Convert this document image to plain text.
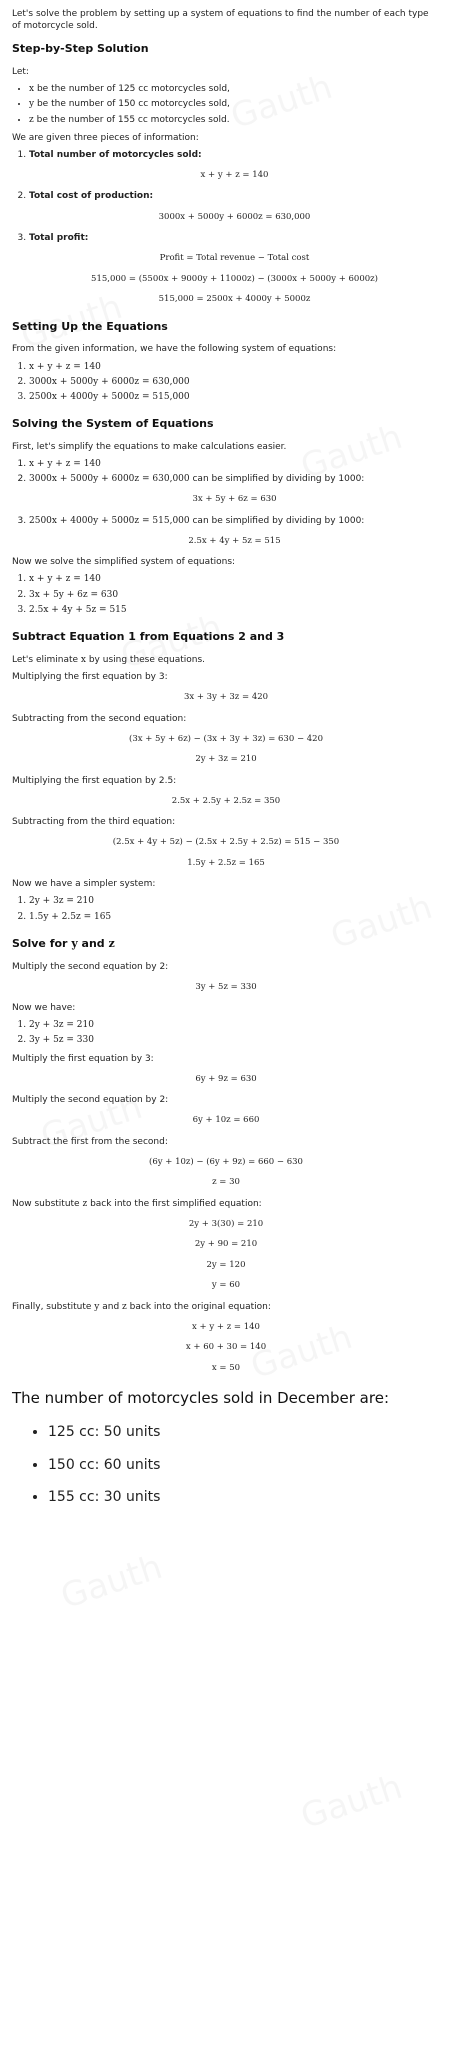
Let's solve the problem by setting up a system of equations to find the number of each type of motorcycle sold.

Step-by-Step Solution

Let:

• x be the number of 125 cc motorcycles sold,
• y be the number of 150 cc motorcycles sold,
• z be the number of 155 cc motorcycles sold.

We are given three pieces of information:

1. Total number of motorcycles sold:
x + y + z = 140
2. Total cost of production:
3000x + 5000y + 6000z = 630,000
3. Total profit:
Profit = Total revenue − Total cost
515,000 = (5500x + 9000y + 11000z) − (3000x + 5000y + 6000z)
515,000 = 2500x + 4000y + 5000z
Setting Up the Equations

From the given information, we have the following system of equations:

1. x + y + z = 140
2. 3000x + 5000y + 6000z = 630,000
3. 2500x + 4000y + 5000z = 515,000
Solving the System of Equations

First, let's simplify the equations to make calculations easier.

1. x + y + z = 140
2. 3000x + 5000y + 6000z = 630,000 can be simplified by dividing by 1000:
3x + 5y + 6z = 630
3. 2500x + 4000y + 5000z = 515,000 can be simplified by dividing by 1000:
2.5x + 4y + 5z = 515

Now we solve the simplified system of equations:

1. x + y + z = 140
2. 3x + 5y + 6z = 630
3. 2.5x + 4y + 5z = 515
Subtract Equation 1 from Equations 2 and 3

Let's eliminate x by using these equations.

Multiplying the first equation by 3:

3x + 3y + 3z = 420

Subtracting from the second equation:

(3x + 5y + 6z) − (3x + 3y + 3z) = 630 − 420
2y + 3z = 210

Multiplying the first equation by 2.5:

2.5x + 2.5y + 2.5z = 350

Subtracting from the third equation:

(2.5x + 4y + 5z) − (2.5x + 2.5y + 2.5z) = 515 − 350
1.5y + 2.5z = 165

Now we have a simpler system:

1. 2y + 3z = 210
2. 1.5y + 2.5z = 165
Solve for y and z

Multiply the second equation by 2:

3y + 5z = 330

Now we have:

1. 2y + 3z = 210
2. 3y + 5z = 330

Multiply the first equation by 3:

6y + 9z = 630

Multiply the second equation by 2:

6y + 10z = 660

Subtract the first from the second:

(6y + 10z) − (6y + 9z) = 660 − 630
z = 30

Now substitute z back into the first simplified equation:

2y + 3(30) = 210
2y + 90 = 210
2y = 120
y = 60

Finally, substitute y and z back into the original equation:

x + y + z = 140
x + 60 + 30 = 140
x = 50

The number of motorcycles sold in December are:

• 125 cc: 50 units
• 150 cc: 60 units
• 155 cc: 30 units
